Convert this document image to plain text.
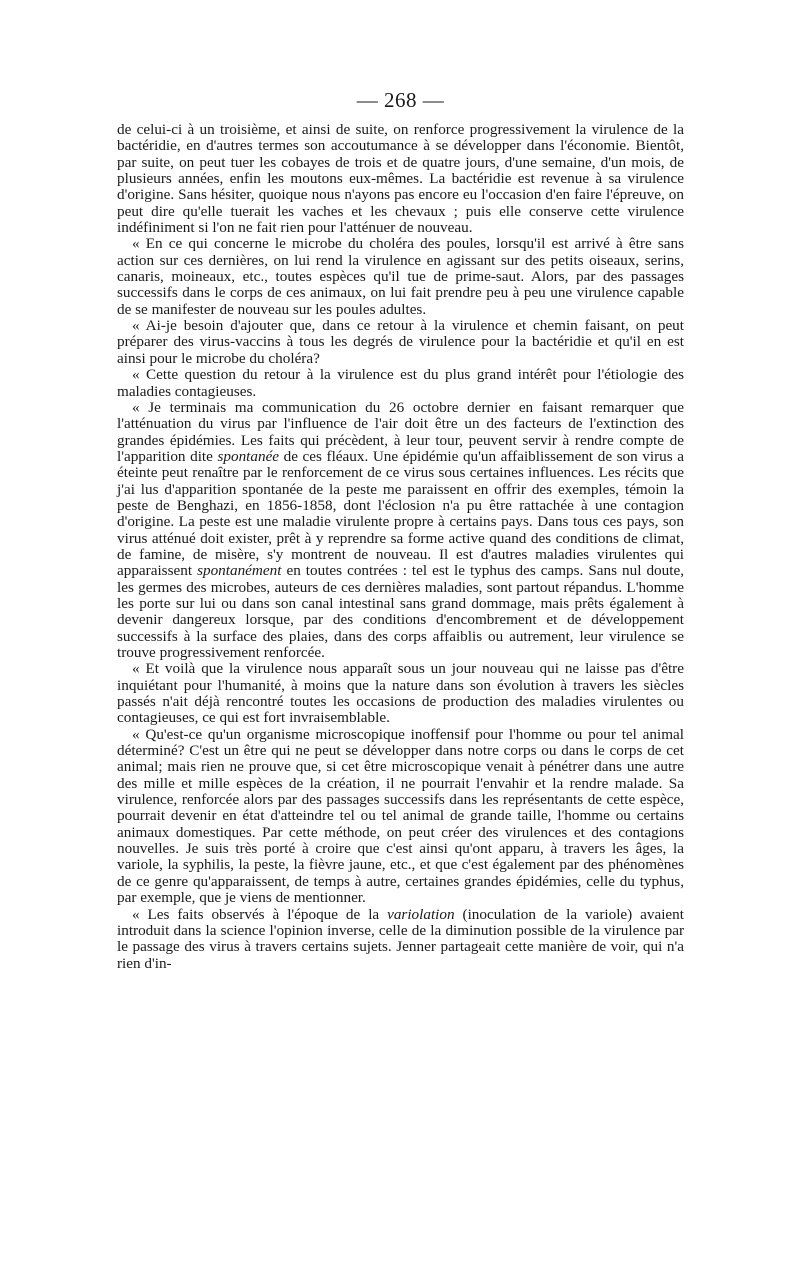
— 268 —

de celui-ci à un troisième, et ainsi de suite, on renforce progressivement la virulence de la bactéridie, en d'autres termes son accoutumance à se développer dans l'économie. Bientôt, par suite, on peut tuer les cobayes de trois et de quatre jours, d'une semaine, d'un mois, de plusieurs années, enfin les moutons eux-mêmes. La bactéridie est revenue à sa virulence d'origine. Sans hésiter, quoique nous n'ayons pas encore eu l'occasion d'en faire l'épreuve, on peut dire qu'elle tuerait les vaches et les chevaux ; puis elle conserve cette virulence indéfiniment si l'on ne fait rien pour l'atténuer de nouveau.

« En ce qui concerne le microbe du choléra des poules, lorsqu'il est arrivé à être sans action sur ces dernières, on lui rend la virulence en agissant sur des petits oiseaux, serins, canaris, moineaux, etc., toutes espèces qu'il tue de prime-saut. Alors, par des passages successifs dans le corps de ces animaux, on lui fait prendre peu à peu une virulence capable de se manifester de nouveau sur les poules adultes.

« Ai-je besoin d'ajouter que, dans ce retour à la virulence et chemin faisant, on peut préparer des virus-vaccins à tous les degrés de virulence pour la bactéridie et qu'il en est ainsi pour le microbe du choléra?

« Cette question du retour à la virulence est du plus grand intérêt pour l'étiologie des maladies contagieuses.

« Je terminais ma communication du 26 octobre dernier en faisant remarquer que l'atténuation du virus par l'influence de l'air doit être un des facteurs de l'extinction des grandes épidémies. Les faits qui précèdent, à leur tour, peuvent servir à rendre compte de l'apparition dite spontanée de ces fléaux. Une épidémie qu'un affaiblissement de son virus a éteinte peut renaître par le renforcement de ce virus sous certaines influences. Les récits que j'ai lus d'apparition spontanée de la peste me paraissent en offrir des exemples, témoin la peste de Benghazi, en 1856-1858, dont l'éclosion n'a pu être rattachée à une contagion d'origine. La peste est une maladie virulente propre à certains pays. Dans tous ces pays, son virus atténué doit exister, prêt à y reprendre sa forme active quand des conditions de climat, de famine, de misère, s'y montrent de nouveau. Il est d'autres maladies virulentes qui apparaissent spontanément en toutes contrées : tel est le typhus des camps. Sans nul doute, les germes des microbes, auteurs de ces dernières maladies, sont partout répandus. L'homme les porte sur lui ou dans son canal intestinal sans grand dommage, mais prêts également à devenir dangereux lorsque, par des conditions d'encombrement et de développement successifs à la surface des plaies, dans des corps affaiblis ou autrement, leur virulence se trouve progressivement renforcée.

« Et voilà que la virulence nous apparaît sous un jour nouveau qui ne laisse pas d'être inquiétant pour l'humanité, à moins que la nature dans son évolution à travers les siècles passés n'ait déjà rencontré toutes les occasions de production des maladies virulentes ou contagieuses, ce qui est fort invraisemblable.

« Qu'est-ce qu'un organisme microscopique inoffensif pour l'homme ou pour tel animal déterminé? C'est un être qui ne peut se développer dans notre corps ou dans le corps de cet animal; mais rien ne prouve que, si cet être microscopique venait à pénétrer dans une autre des mille et mille espèces de la création, il ne pourrait l'envahir et la rendre malade. Sa virulence, renforcée alors par des passages successifs dans les représentants de cette espèce, pourrait devenir en état d'atteindre tel ou tel animal de grande taille, l'homme ou certains animaux domestiques. Par cette méthode, on peut créer des virulences et des contagions nouvelles. Je suis très porté à croire que c'est ainsi qu'ont apparu, à travers les âges, la variole, la syphilis, la peste, la fièvre jaune, etc., et que c'est également par des phénomènes de ce genre qu'apparaissent, de temps à autre, certaines grandes épidémies, celle du typhus, par exemple, que je viens de mentionner.

« Les faits observés à l'époque de la variolation (inoculation de la variole) avaient introduit dans la science l'opinion inverse, celle de la diminution possible de la virulence par le passage des virus à travers certains sujets. Jenner partageait cette manière de voir, qui n'a rien d'in-
